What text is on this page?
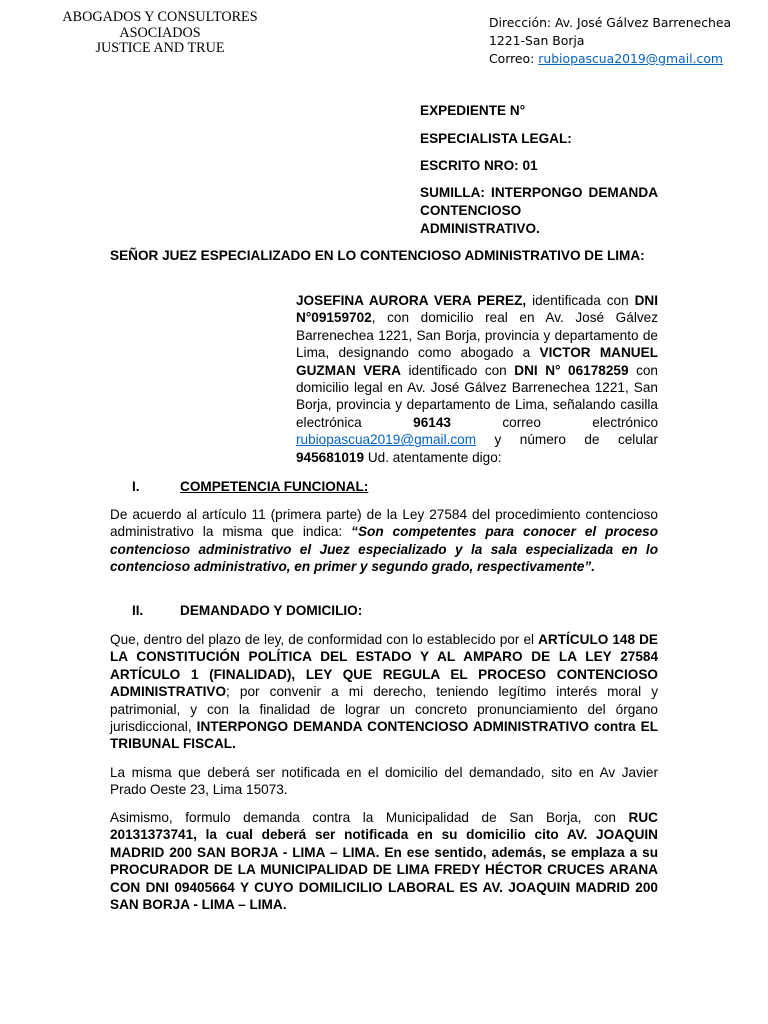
ABOGADOS Y CONSULTORES
ASOCIADOS
JUSTICE AND TRUE
Dirección: Av. José Gálvez Barrenechea
1221-San Borja
Correo: rubiopascua2019@gmail.com
EXPEDIENTE N°
ESPECIALISTA LEGAL:
ESCRITO NRO: 01
SUMILLA: INTERPONGO DEMANDA CONTENCIOSO
ADMINISTRATIVO.
SEÑOR JUEZ ESPECIALIZADO EN LO CONTENCIOSO ADMINISTRATIVO DE LIMA:
JOSEFINA AURORA VERA PEREZ, identificada con DNI N°09159702, con domicilio real en Av. José Gálvez Barrenechea 1221, San Borja, provincia y departamento de Lima, designando como abogado a VICTOR MANUEL GUZMAN VERA identificado con DNI N° 06178259 con domicilio legal en Av. José Gálvez Barrenechea 1221, San Borja, provincia y departamento de Lima, señalando casilla electrónica 96143 correo electrónico rubiopascua2019@gmail.com y número de celular 945681019 Ud. atentamente digo:
I.	COMPETENCIA FUNCIONAL:
De acuerdo al artículo 11 (primera parte) de la Ley 27584 del procedimiento contencioso administrativo la misma que indica: “Son competentes para conocer el proceso contencioso administrativo el Juez especializado y la sala especializada en lo contencioso administrativo, en primer y segundo grado, respectivamente”.
II.	DEMANDADO Y DOMICILIO:
Que, dentro del plazo de ley, de conformidad con lo establecido por el ARTÍCULO 148 DE LA CONSTITUCIÓN POLÍTICA DEL ESTADO Y AL AMPARO DE LA LEY 27584 ARTÍCULO 1 (FINALIDAD), LEY QUE REGULA EL PROCESO CONTENCIOSO ADMINISTRATIVO; por convenir a mi derecho, teniendo legítimo interés moral y patrimonial, y con la finalidad de lograr un concreto pronunciamiento del órgano jurisdiccional, INTERPONGO DEMANDA CONTENCIOSO ADMINISTRATIVO contra EL TRIBUNAL FISCAL.
La misma que deberá ser notificada en el domicilio del demandado, sito en Av Javier Prado Oeste 23, Lima 15073.
Asimismo, formulo demanda contra la Municipalidad de San Borja, con RUC 20131373741, la cual deberá ser notificada en su domicilio cito AV. JOAQUIN MADRID 200 SAN BORJA - LIMA – LIMA. En ese sentido, además, se emplaza a su PROCURADOR DE LA MUNICIPALIDAD DE LIMA FREDY HÉCTOR CRUCES ARANA CON DNI 09405664 Y CUYO DOMILICILIO LABORAL ES AV. JOAQUIN MADRID 200 SAN BORJA - LIMA – LIMA.
